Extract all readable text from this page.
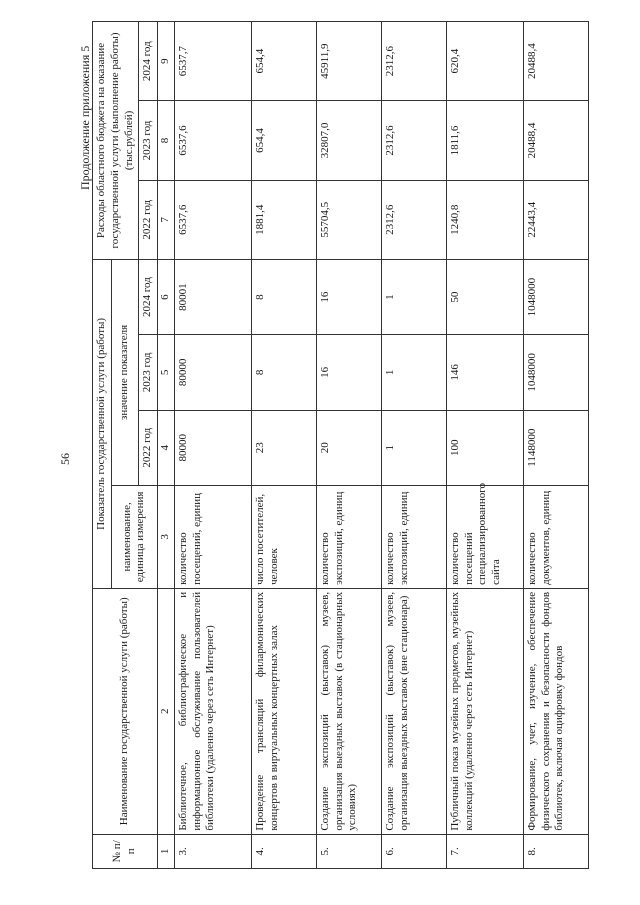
56
Продолжение приложения 5
№ п/п	Наименование государственной услуги (работы)	Показатель государственной услуги (работы)				Расходы областного бюджета на оказание государственной услуги (выполнение работы) (тыс.рублей)		
		наименование, единица измерения	значение показателя					
			2022 год	2023 год	2024 год	2022 год	2023 год	2024 год
1	2	3	4	5	6	7	8	9
3.	Библиотечное, библиографическое и информационное обслуживание пользователей библиотеки (удаленно через сеть Интернет)	количество посещений, единиц	80000	80000	80001	6537,6	6537,6	6537,7
4.	Проведение трансляций филармонических концертов в виртуальных концертных залах	число посетителей, человек	23	8	8	1881,4	654,4	654,4
5.	Создание экспозиций (выставок) музеев, организация выездных выставок (в стационарных условиях)	количество экспозиций, единиц	20	16	16	55704,5	32807,0	45911,9
6.	Создание экспозиций (выставок) музеев, организация выездных выставок (вне стационара)	количество экспозиций, единиц	1	1	1	2312,6	2312,6	2312,6
7.	Публичный показ музейных предметов, музейных коллекций (удаленно через сеть Интернет)	количество посещений специализированного сайта	100	146	50	1240,8	1811,6	620,4
8.	Формирование, учет, изучение, обеспечение физического сохранения и безопасности фондов библиотек, включая оцифровку фондов	количество документов, единиц	1148000	1048000	1048000	22443,4	20488,4	20488,4
